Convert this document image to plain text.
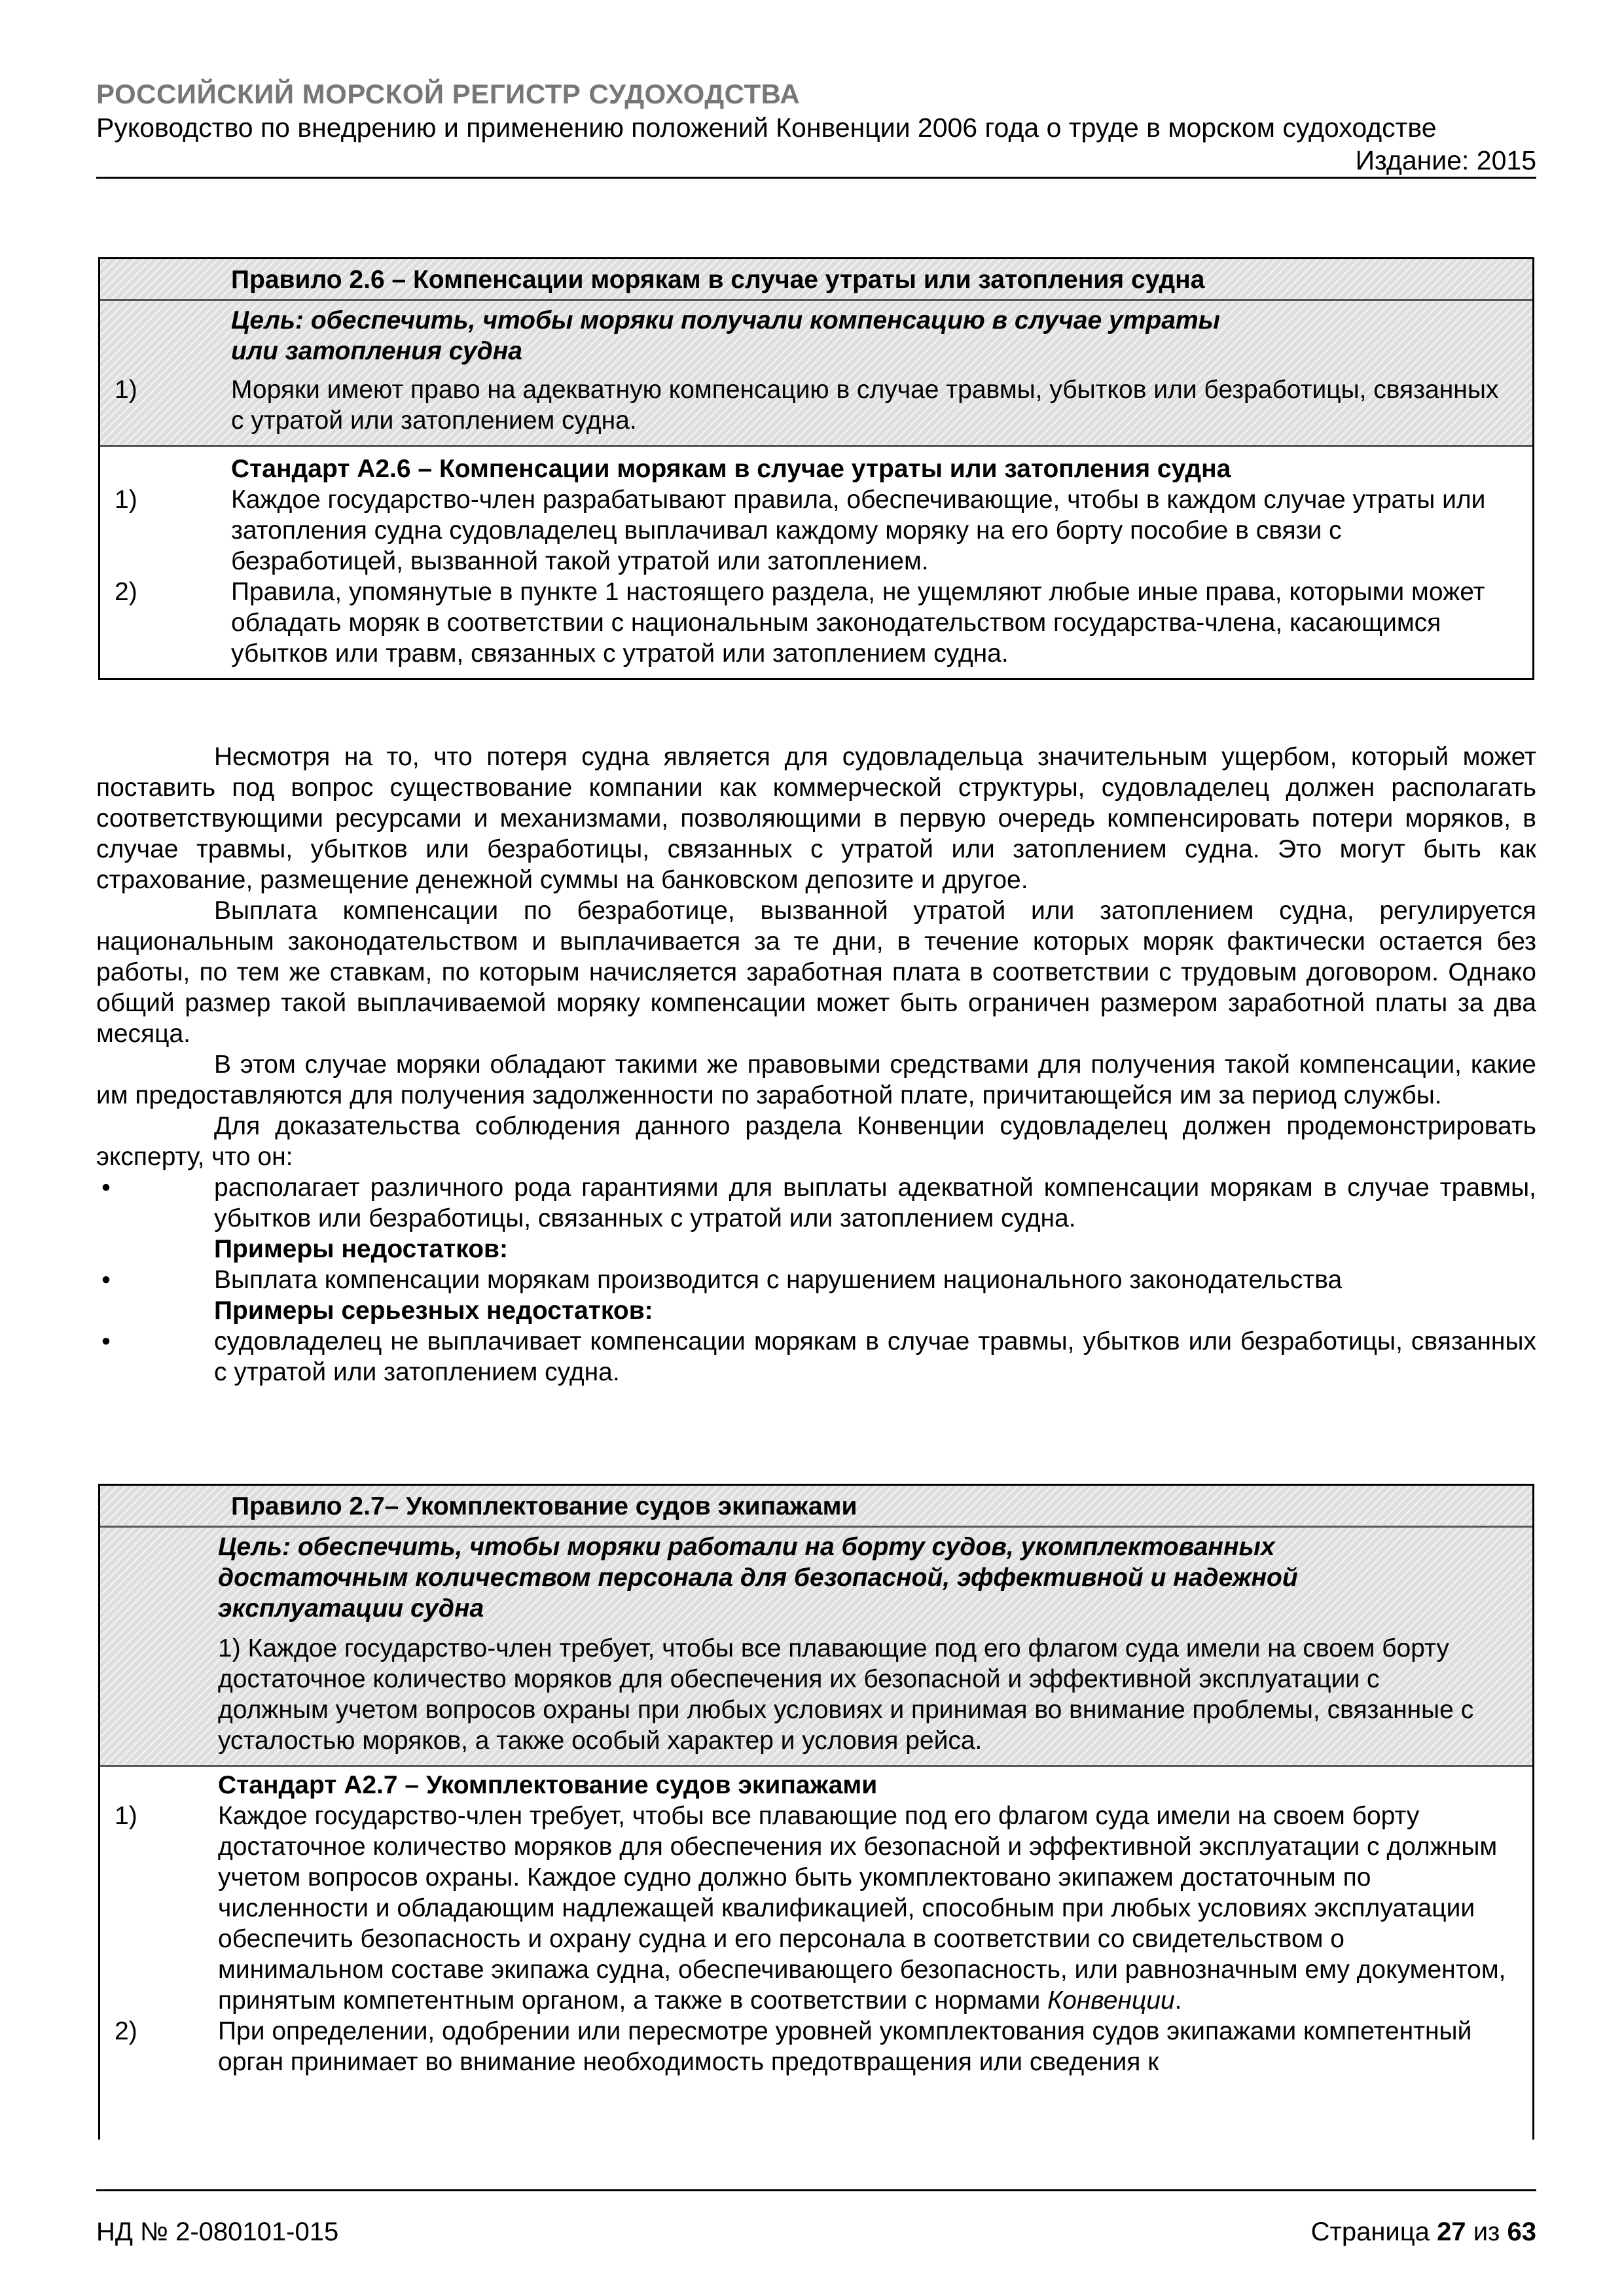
РОССИЙСКИЙ МОРСКОЙ РЕГИСТР СУДОХОДСТВА
Руководство по внедрению и применению положений Конвенции 2006 года о труде в морском судоходстве
Издание: 2015
Правило 2.6 – Компенсации морякам в случае утраты или затопления судна
Цель: обеспечить, чтобы моряки получали компенсацию в случае утраты
или затопления судна
1)	Моряки имеют право на адекватную компенсацию в случае травмы, убытков или безработицы, связанных с утратой или затоплением судна.
Стандарт А2.6 – Компенсации морякам в случае утраты или затопления судна
1)	Каждое государство-член разрабатывают правила, обеспечивающие, чтобы в каждом случае утраты или затопления судна судовладелец выплачивал каждому моряку на его борту пособие в связи с безработицей, вызванной такой утратой или затоплением.
2)	Правила, упомянутые в пункте 1 настоящего раздела, не ущемляют любые иные права, которыми может обладать моряк в соответствии с национальным законодательством государства-члена, касающимся убытков или травм, связанных с утратой или затоплением судна.

Несмотря на то, что потеря судна является для судовладельца значительным ущербом, который может поставить под вопрос существование компании как коммерческой структуры, судовладелец должен располагать соответствующими ресурсами и механизмами, позволяющими в первую очередь компенсировать потери моряков, в случае травмы, убытков или безработицы, связанных с утратой или затоплением судна. Это могут быть как страхование, размещение денежной суммы на банковском депозите и другое.

Выплата компенсации по безработице, вызванной утратой или затоплением судна, регулируется национальным законодательством и выплачивается за те дни, в течение которых моряк фактически остается без работы, по тем же ставкам, по которым начисляется заработная плата в соответствии с трудовым договором. Однако общий размер такой выплачиваемой моряку компенсации может быть ограничен размером заработной платы за два месяца.

В этом случае моряки обладают такими же правовыми средствами для получения такой компенсации, какие им предоставляются для получения задолженности по заработной плате, причитающейся им за период службы.

Для доказательства соблюдения данного раздела Конвенции судовладелец должен продемонстрировать эксперту, что он:

•	располагает различного рода гарантиями для выплаты адекватной компенсации морякам в случае травмы, убытков или безработицы, связанных с утратой или затоплением судна.
Примеры недостатков:
•	Выплата компенсации морякам производится с нарушением национального законодательства
Примеры серьезных недостатков:
•	судовладелец не выплачивает компенсации морякам в случае травмы, убытков или безработицы, связанных с утратой или затоплением судна.
Правило 2.7– Укомплектование судов экипажами
Цель: обеспечить, чтобы моряки работали на борту судов, укомплектованных достаточным количеством персонала для безопасной, эффективной и надежной эксплуатации судна
1) Каждое государство-член требует, чтобы все плавающие под его флагом суда имели на своем борту достаточное количество моряков для обеспечения их безопасной и эффективной эксплуатации с должным учетом вопросов охраны при любых условиях и принимая во внимание проблемы, связанные с усталостью моряков, а также особый характер и условия рейса.
Стандарт А2.7 – Укомплектование судов экипажами
1)	Каждое государство-член требует, чтобы все плавающие под его флагом суда имели на своем борту достаточное количество моряков для обеспечения их безопасной и эффективной эксплуатации с должным учетом вопросов охраны. Каждое судно должно быть укомплектовано экипажем достаточным по численности и обладающим надлежащей квалификацией, способным при любых условиях эксплуатации обеспечить безопасность и охрану судна и его персонала в соответствии со свидетельством о минимальном составе экипажа судна, обеспечивающего безопасность, или равнозначным ему документом, принятым компетентным органом, а также в соответствии с нормами Конвенции.
2)	При определении, одобрении или пересмотре уровней укомплектования судов экипажами компетентный орган принимает во внимание необходимость предотвращения или сведения к
НД № 2-080101-015	Страница 27 из 63
